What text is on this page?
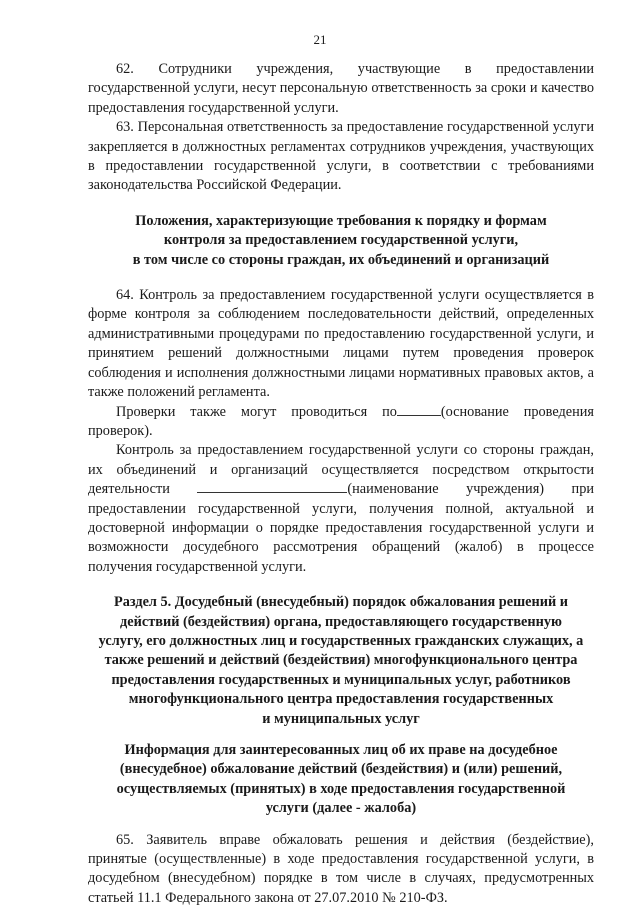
21

62. Сотрудники учреждения, участвующие в предоставлении государственной услуги, несут персональную ответственность за сроки и качество предоставления государственной услуги.

63. Персональная ответственность за предоставление государственной услуги закрепляется в должностных регламентах сотрудников учреждения, участвующих в предоставлении государственной услуги, в соответствии с требованиями законодательства Российской Федерации.

Положения, характеризующие требования к порядку и формам
контроля за предоставлением государственной услуги,
в том числе со стороны граждан, их объединений и организаций

64. Контроль за предоставлением государственной услуги осуществляется в форме контроля за соблюдением последовательности действий, определенных административными процедурами по предоставлению государственной услуги, и принятием решений должностными лицами путем проведения проверок соблюдения и исполнения должностными лицами нормативных правовых актов, а также положений регламента.

Проверки также могут проводиться по	(основание проведения проверок).

Контроль за предоставлением государственной услуги со стороны граждан, их объединений и организаций осуществляется посредством открытости деятельности	(наименование учреждения) при предоставлении государственной услуги, получения полной, актуальной и достоверной информации о порядке предоставления государственной услуги и возможности досудебного рассмотрения обращений (жалоб) в процессе получения государственной услуги.

Раздел 5. Досудебный (внесудебный) порядок обжалования решений и
действий (бездействия) органа, предоставляющего государственную
услугу, его должностных лиц и государственных гражданских служащих, а
также решений и действий (бездействия) многофункционального центра
предоставления государственных и муниципальных услуг, работников
многофункционального центра предоставления государственных
и муниципальных услуг
Информация для заинтересованных лиц об их праве на досудебное
(внесудебное) обжалование действий (бездействия) и (или) решений,
осуществляемых (принятых) в ходе предоставления государственной
услуги (далее - жалоба)

65. Заявитель вправе обжаловать решения и действия (бездействие), принятые (осуществленные) в ходе предоставления государственной услуги, в досудебном (внесудебном) порядке в том числе в случаях, предусмотренных статьей 11.1 Федерального закона от 27.07.2010 № 210-ФЗ.
